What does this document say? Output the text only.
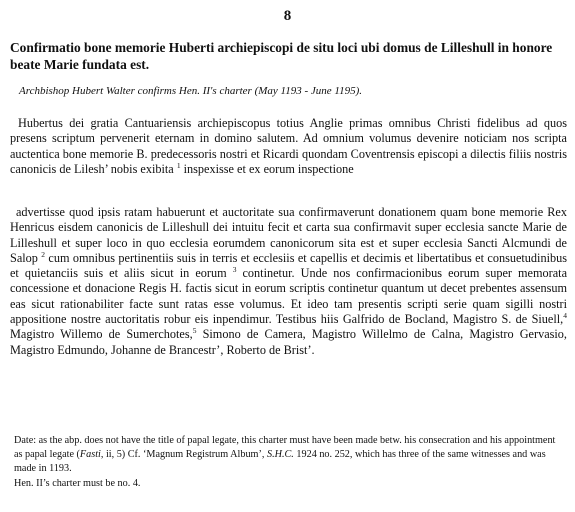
8
Confirmatio bone memorie Huberti archiepiscopi de situ loci ubi domus de Lilleshull in honore beate Marie fundata est.

Archbishop Hubert Walter confirms Hen. II's charter (May 1193 - June 1195).

Hubertus dei gratia Cantuariensis archiepiscopus totius Anglie primas omnibus Christi fidelibus ad quos presens scriptum pervenerit eternam in domino salutem. Ad omnium volumus devenire noticiam nos scripta auctentica bone memorie B. predecessoris nostri et Ricardi quondam Coventrensis episcopi a dilectis filiis nostris canonicis de Lilesh’ nobis exibita $^1$ inspexisse et ex eorum inspectione

advertisse quod ipsis ratam habuerunt et auctoritate sua confirmaverunt donationem quam bone memorie Rex Henricus eisdem canonicis de Lilleshull dei intuitu fecit et carta sua confirmavit super ecclesia sancte Marie de Lilleshull et super loco in quo ecclesia eorumdem canonicorum sita est et super ecclesia Sancti Alcmundi de Salop $^2$ cum omnibus pertinentiis suis in terris et ecclesiis et capellis et decimis et libertatibus et consuetudinibus et quietanciis suis et aliis sicut in eorum $^3$ continetur. Unde nos confirmacionibus eorum super memorata concessione et donacione Regis H. factis sicut in eorum scriptis continetur quantum ut decet prebentes assensum eas sicut rationabiliter facte sunt ratas esse volumus. Et ideo tam presentis scripti serie quam sigilli nostri appositione nostre auctoritatis robur eis inpendimur. Testibus hiis Galfrido de Bocland, Magistro S. de Siuell,$^4$ Magistro Willemo de Sumerchotes,$^5$ Simono de Camera, Magistro Willelmo de Calna, Magistro Gervasio, Magistro Edmundo, Johanne de Brancestr’, Roberto de Brist’.

Date: as the abp. does not have the title of papal legate, this charter must have been made betw. his consecration and his appointment as papal legate (Fasti, ii, 5) Cf. ‘Magnum Registrum Album’, S.H.C. 1924 no. 252, which has three of the same witnesses and was made in 1193.
Hen. II’s charter must be no. 4.
